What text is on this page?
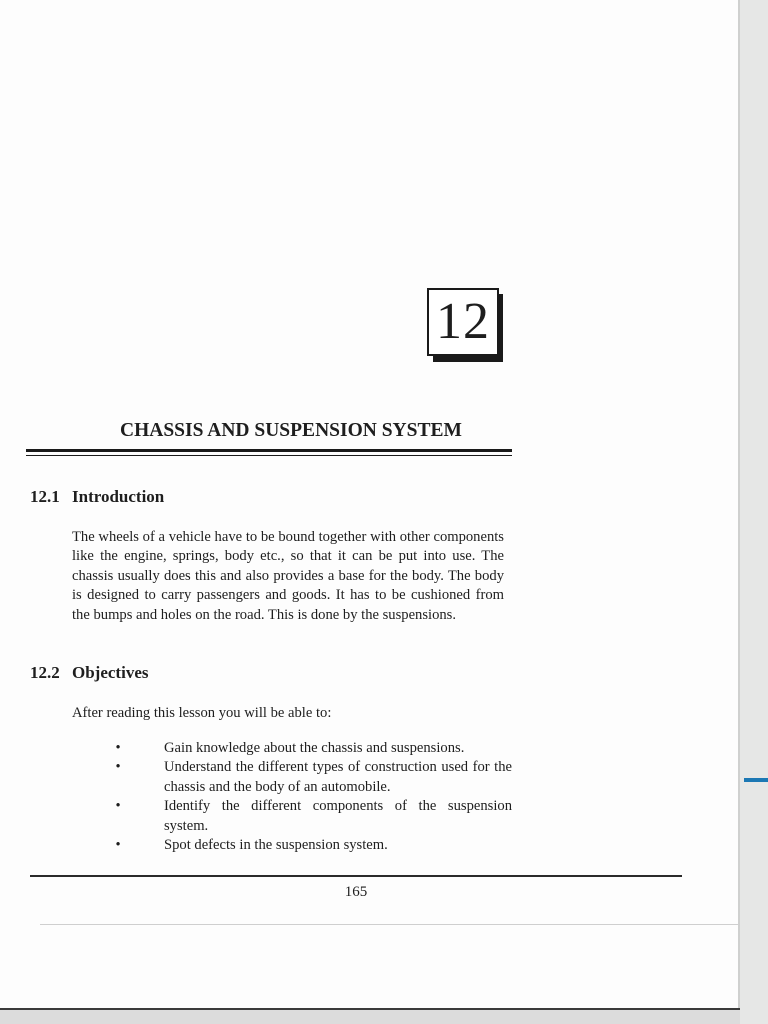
12
CHASSIS AND SUSPENSION SYSTEM
12.1 Introduction

The wheels of a vehicle have to be bound together with other components like the engine, springs, body etc., so that it can be put into use. The chassis usually does this and also provides a base for the body. The body is designed to carry passengers and goods. It has to be cushioned from the bumps and holes on the road. This is done by the suspensions.

12.2 Objectives
After reading this lesson you will be able to:
•	Gain knowledge about the chassis and suspensions.
•	Understand the different types of construction used for the chassis and the body of an automobile.
•	Identify the different components of the suspension system.
•	Spot defects in the suspension system.
165
